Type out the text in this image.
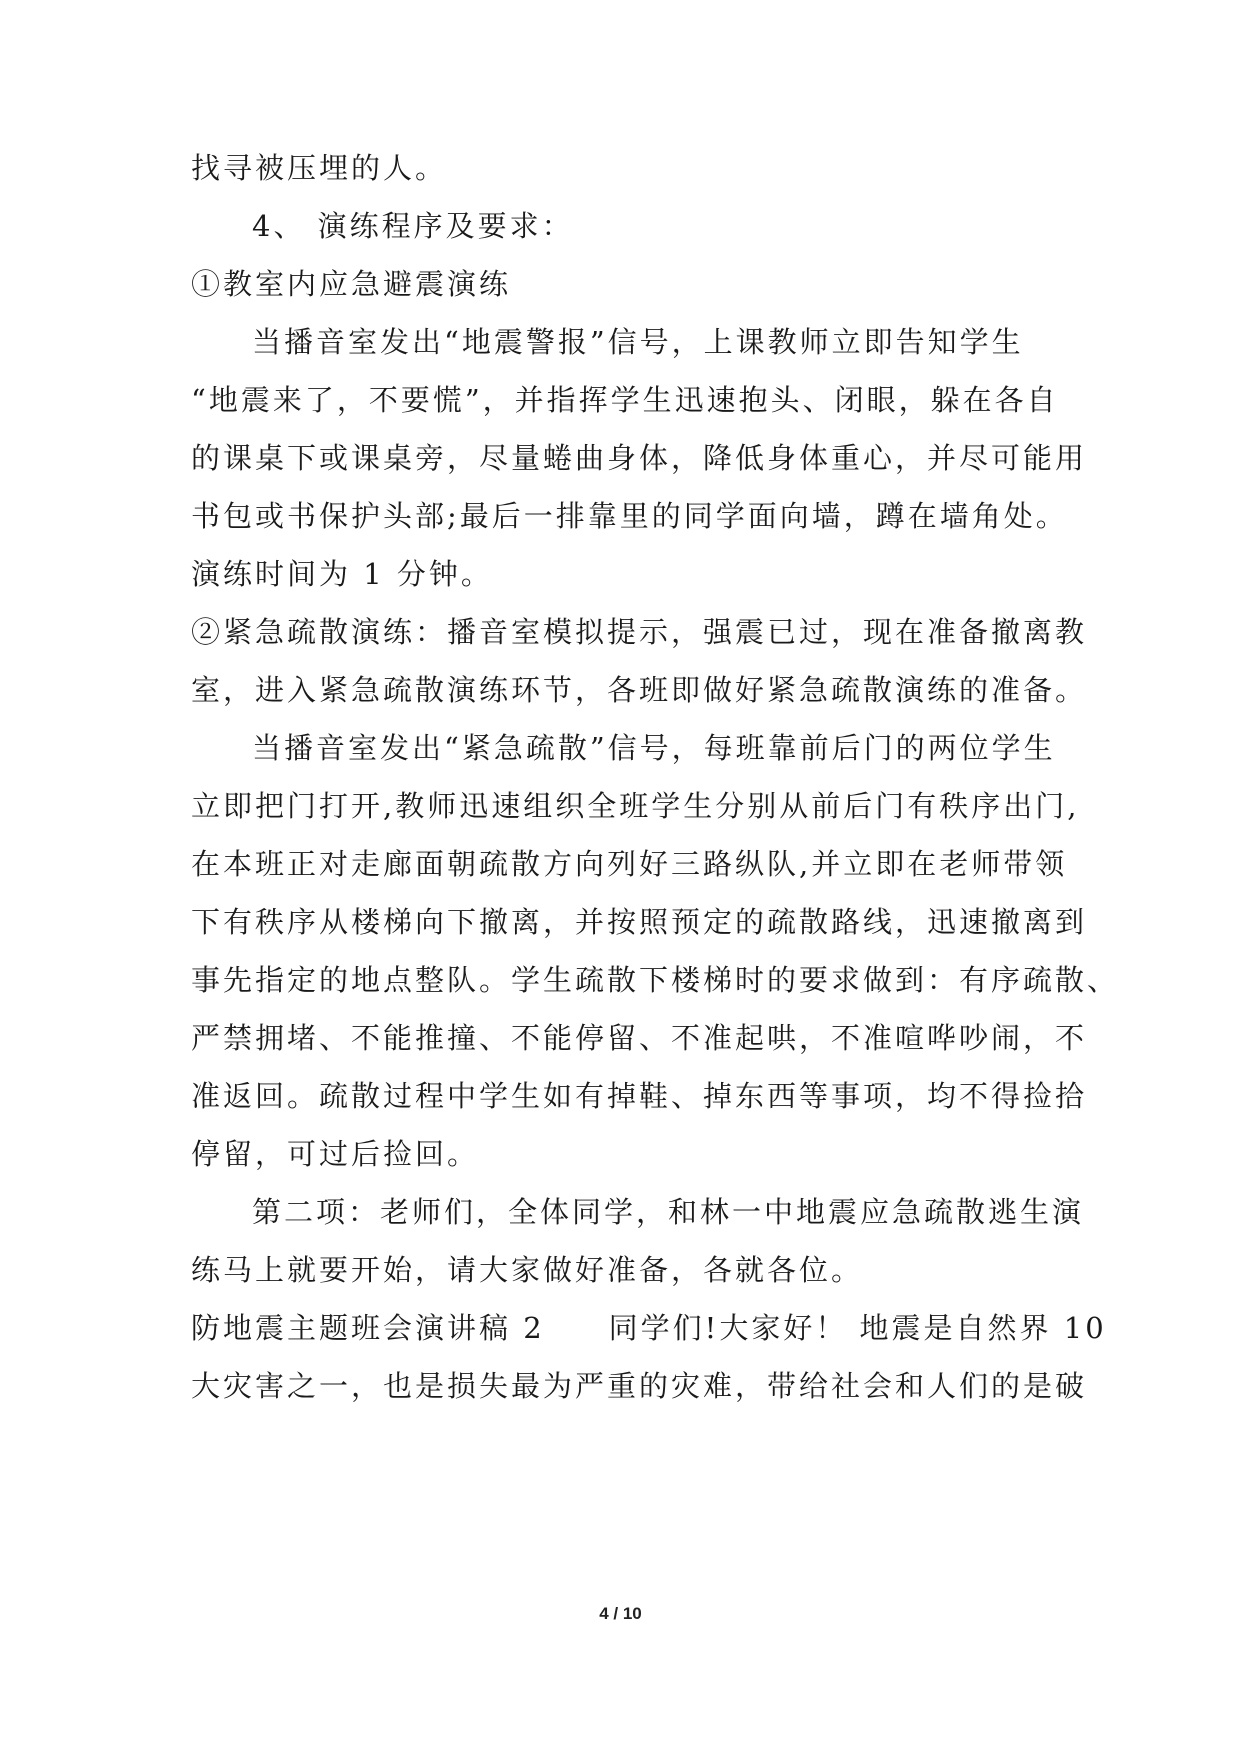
找寻被压埋的人。
4、 演练程序及要求：
①教室内应急避震演练
当播音室发出“地震警报”信号，上课教师立即告知学生
“地震来了，不要慌”，并指挥学生迅速抱头、闭眼，躲在各自
的课桌下或课桌旁，尽量蜷曲身体，降低身体重心，并尽可能用
书包或书保护头部;最后一排靠里的同学面向墙，蹲在墙角处。
演练时间为 1 分钟。
②紧急疏散演练：播音室模拟提示，强震已过，现在准备撤离教
室，进入紧急疏散演练环节，各班即做好紧急疏散演练的准备。
当播音室发出“紧急疏散”信号，每班靠前后门的两位学生
立即把门打开,教师迅速组织全班学生分别从前后门有秩序出门,
在本班正对走廊面朝疏散方向列好三路纵队,并立即在老师带领
下有秩序从楼梯向下撤离，并按照预定的疏散路线，迅速撤离到
事先指定的地点整队。学生疏散下楼梯时的要求做到：有序疏散、
严禁拥堵、不能推撞、不能停留、不准起哄，不准喧哗吵闹，不
准返回。疏散过程中学生如有掉鞋、掉东西等事项，均不得捡拾
停留，可过后捡回。
第二项：老师们，全体同学，和林一中地震应急疏散逃生演
练马上就要开始，请大家做好准备，各就各位。
防地震主题班会演讲稿 2　　同学们!大家好！ 地震是自然界 10
大灾害之一，也是损失最为严重的灾难，带给社会和人们的是破
4 / 10
